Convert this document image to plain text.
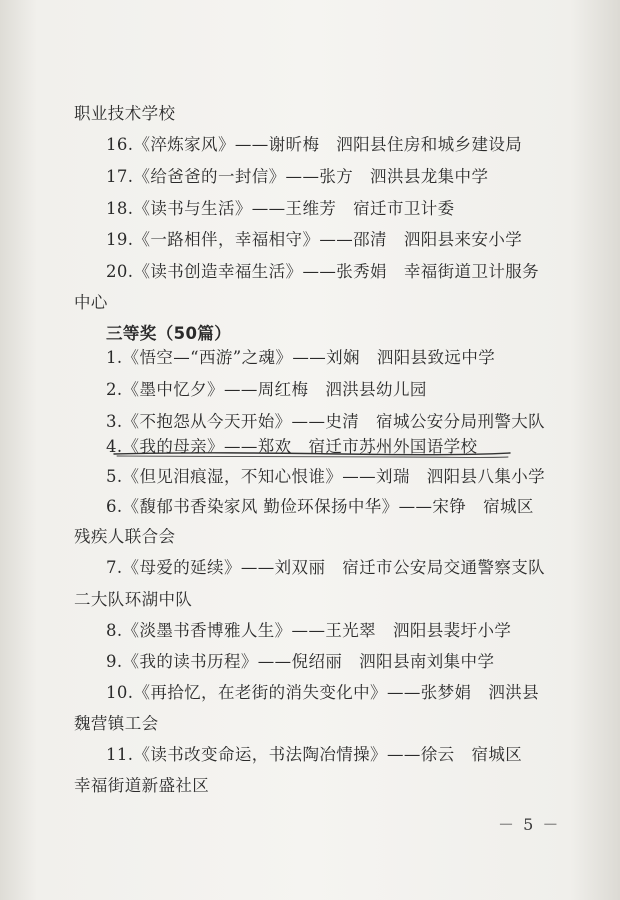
职业技术学校
16.《淬炼家风》——谢昕梅　泗阳县住房和城乡建设局
17.《给爸爸的一封信》——张方　泗洪县龙集中学
18.《读书与生活》——王维芳　宿迁市卫计委
19.《一路相伴，幸福相守》——邵清　泗阳县来安小学
20.《读书创造幸福生活》——张秀娟　幸福街道卫计服务
中心
三等奖（50篇）
1.《悟空—“西游”之魂》——刘娴　泗阳县致远中学
2.《墨中忆夕》——周红梅　泗洪县幼儿园
3.《不抱怨从今天开始》——史清　宿城公安分局刑警大队
4.《我的母亲》——郑欢　宿迁市苏州外国语学校
5.《但见泪痕湿，不知心恨谁》——刘瑞　泗阳县八集小学
6.《馥郁书香染家风 勤俭环保扬中华》——宋铮　宿城区
残疾人联合会
7.《母爱的延续》——刘双丽　宿迁市公安局交通警察支队
二大队环湖中队
8.《淡墨书香博雅人生》——王光翠　泗阳县裴圩小学
9.《我的读书历程》——倪绍丽　泗阳县南刘集中学
10.《再拾忆，在老街的消失变化中》——张梦娟　泗洪县
魏营镇工会
11.《读书改变命运，书法陶冶情操》——徐云　宿城区
幸福街道新盛社区
－ 5 －
